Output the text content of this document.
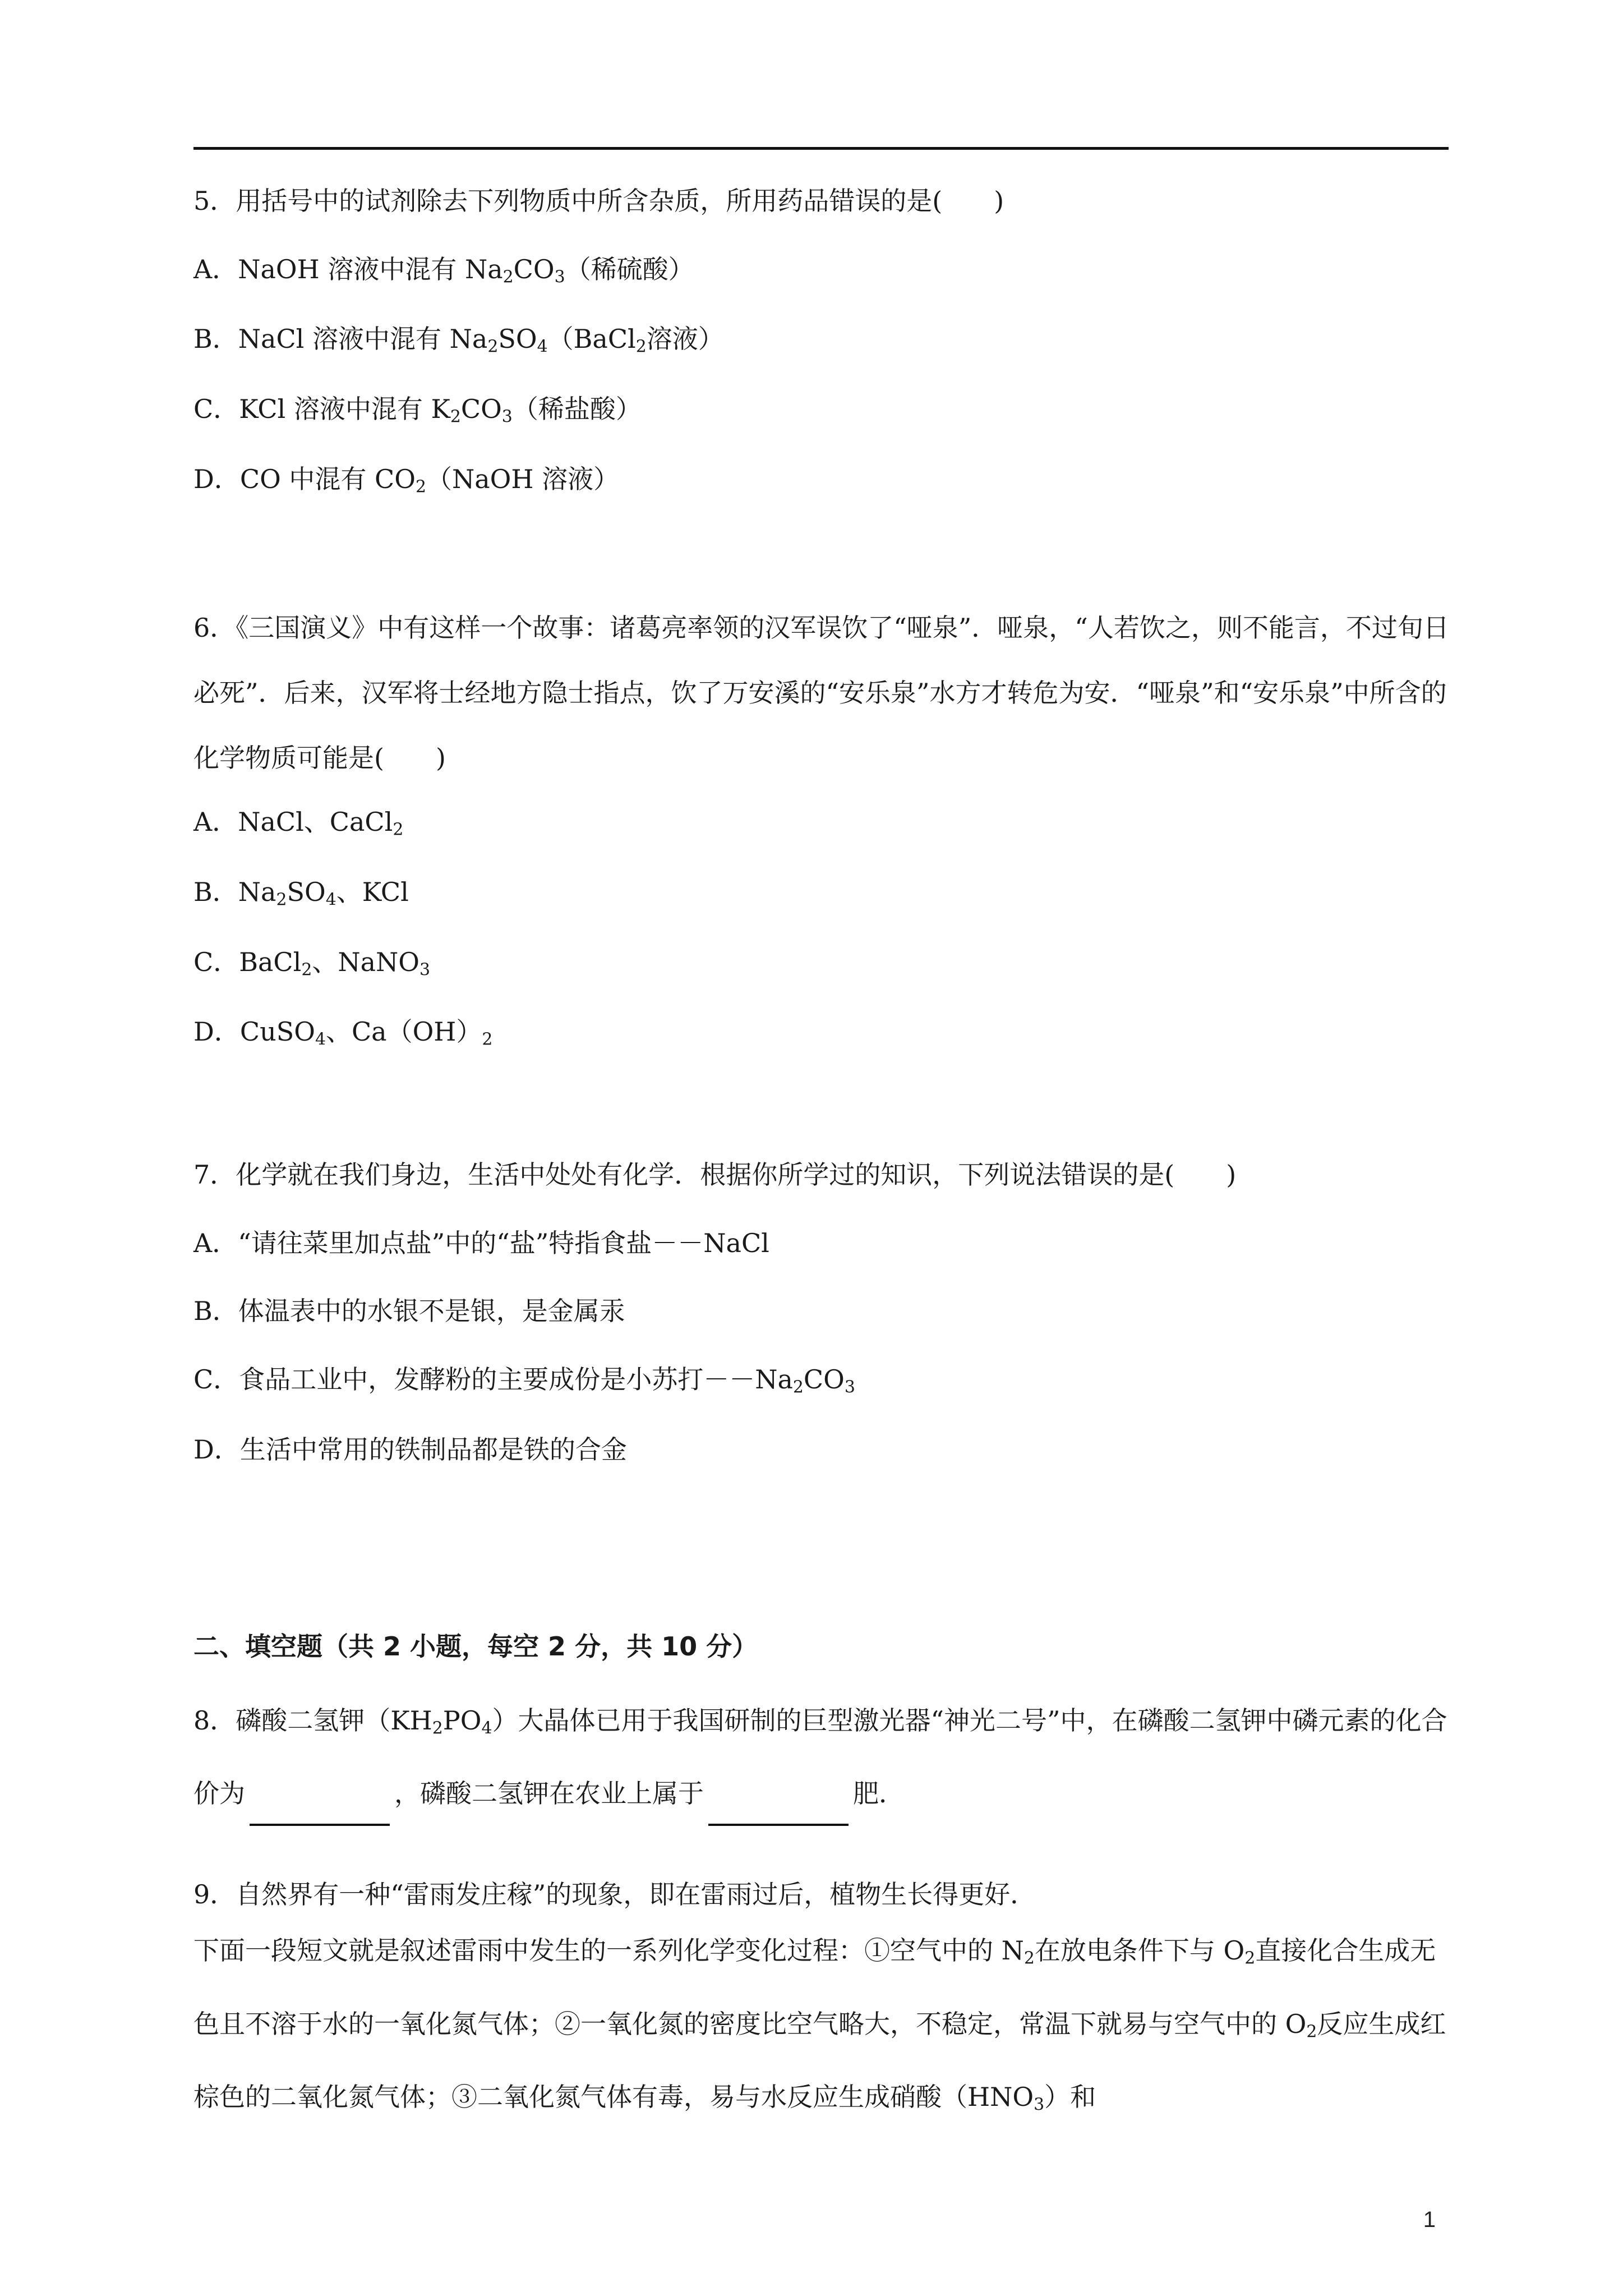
5．用括号中的试剂除去下列物质中所含杂质，所用药品错误的是(　　)

A．NaOH 溶液中混有 $Na_2CO_3$（稀硫酸）

B．NaCl 溶液中混有 $Na_2SO_4(BaCl_2$溶液）

C．KCl 溶液中混有 $K_2CO_3$（稀盐酸）

D．CO 中混有 $CO_2(NaOH$ 溶液）

6．《三国演义》中有这样一个故事：诸葛亮率领的汉军误饮了“哑泉”．哑泉，“人若饮之，则不能言，不过旬日必死”．后来，汉军将士经地方隐士指点，饮了万安溪的“安乐泉”水方才转危为安．“哑泉”和“安乐泉”中所含的化学物质可能是(　　)

A．NaCl、CaCl$_2$

B．$Na_2SO_4$、KCl

C．BaCl$_2$、NaNO$_3$

D．CuSO$_4$、$Ca(OH)_2$

7．化学就在我们身边，生活中处处有化学．根据你所学过的知识，下列说法错误的是(　　)

A．“请往菜里加点盐”中的“盐”特指食盐－－NaCl

B．体温表中的水银不是银，是金属汞

C．食品工业中，发酵粉的主要成份是小苏打$--Na_2CO_3$

D．生活中常用的铁制品都是铁的合金

二、填空题（共 2 小题，每空 2 分，共 10 分）

8．磷酸二氢钾$(KH_2PO_4)$大晶体已用于我国研制的巨型激光器“神光二号”中，在磷酸二氢钾中磷元素的化合价为	，磷酸二氢钾在农业上属于	肥．

9．自然界有一种“雷雨发庄稼”的现象，即在雷雨过后，植物生长得更好．

下面一段短文就是叙述雷雨中发生的一系列化学变化过程：①空气中的 $N_2$在放电条件下与 $O_2$直接化合生成无色且不溶于水的一氧化氮气体；②一氧化氮的密度比空气略大，不稳定，常温下就易与空气中的 $O_2$反应生成红棕色的二氧化氮气体；③二氧化氮气体有毒，易与水反应生成硝酸$(HNO_3)$和

1
